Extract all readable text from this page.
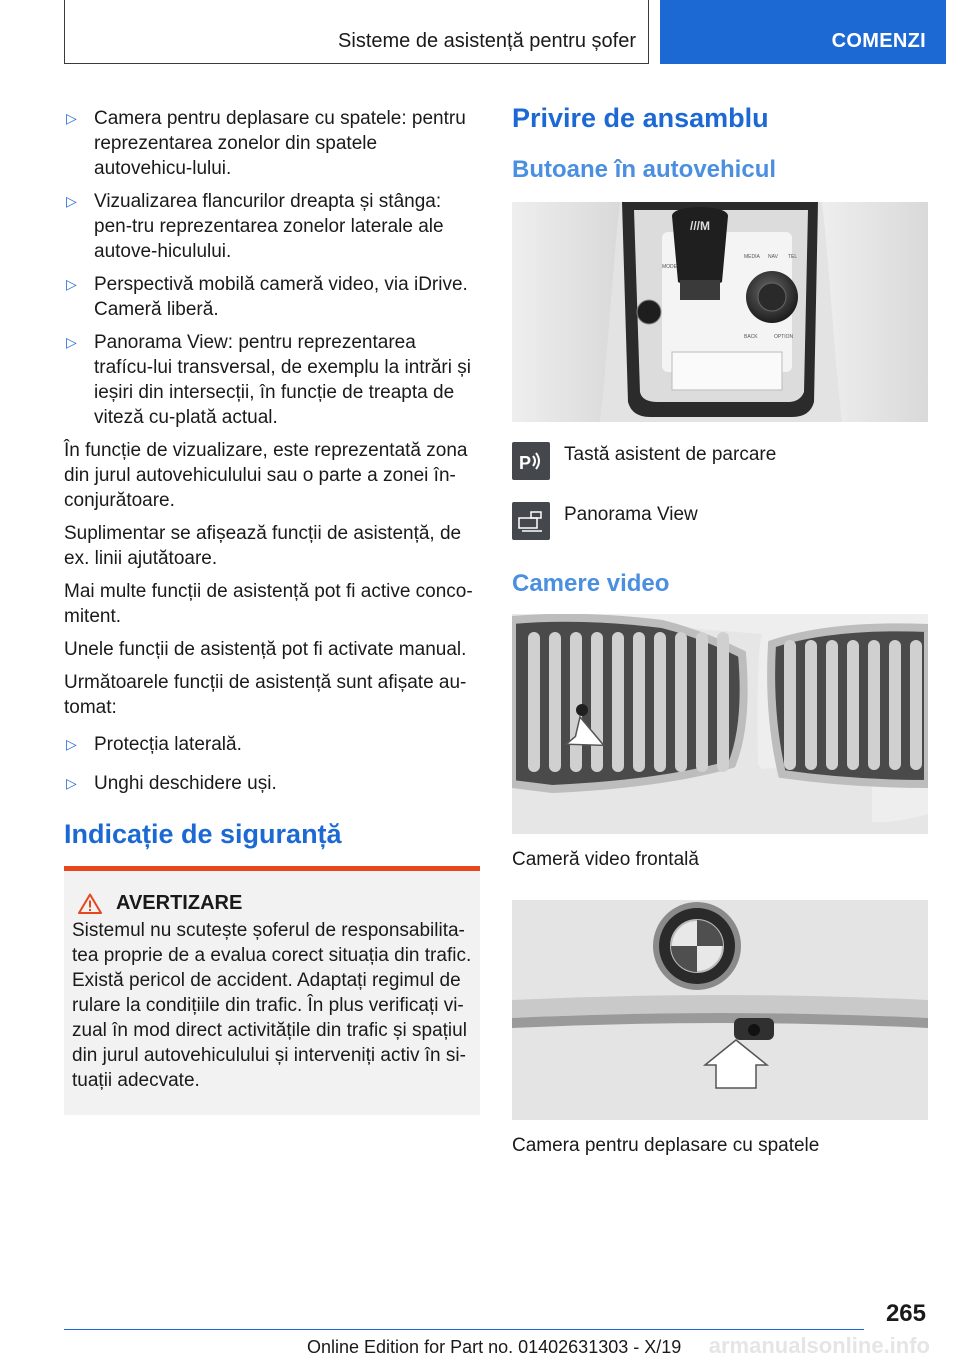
Sisteme de asistență pentru șofer	COMENZI
▷ Camera pentru deplasare cu spatele: pentru reprezentarea zonelor din spatele autovehicu-lului.
▷ Vizualizarea flancurilor dreapta și stânga: pen-tru reprezentarea zonelor laterale ale autove-hiculului.
▷ Perspectivă mobilă cameră video, via iDrive. Cameră liberă.
▷ Panorama View: pentru reprezentarea trafícu-lui transversal, de exemplu la intrări și ieșiri din intersecții, în funcție de treapta de viteză cu-plată actual.

În funcție de vizualizare, este reprezentată zona din jurul autovehiculului sau o parte a zonei în-conjurătoare.

Suplimentar se afișează funcții de asistență, de ex. linii ajutătoare.

Mai multe funcții de asistență pot fi active conco-mitent.

Unele funcții de asistență pot fi activate manual.

Următoarele funcții de asistență sunt afișate au-tomat:

▷ Protecția laterală.
▷ Unghi deschidere uși.
Indicație de siguranță
AVERTIZARE
Sistemul nu scutește șoferul de responsabilita-tea proprie de a evalua corect situația din trafic. Există pericol de accident. Adaptați regimul de rulare la condițiile din trafic. În plus verificați vi-zual în mod direct activitățile din trafic și spațiul din jurul autovehiculului și interveniți activ în si-tuații adecvate.
Privire de ansamblu
Butoane în autovehicul
///M
MEDIA NAV TEL
BACK	OPTION
MODE
P Tastă asistent de parcare
Panorama View
Camere video
Cameră video frontală
Camera pentru deplasare cu spatele
265
Online Edition for Part no. 01402631303 - X/19 armanualsonline.info
